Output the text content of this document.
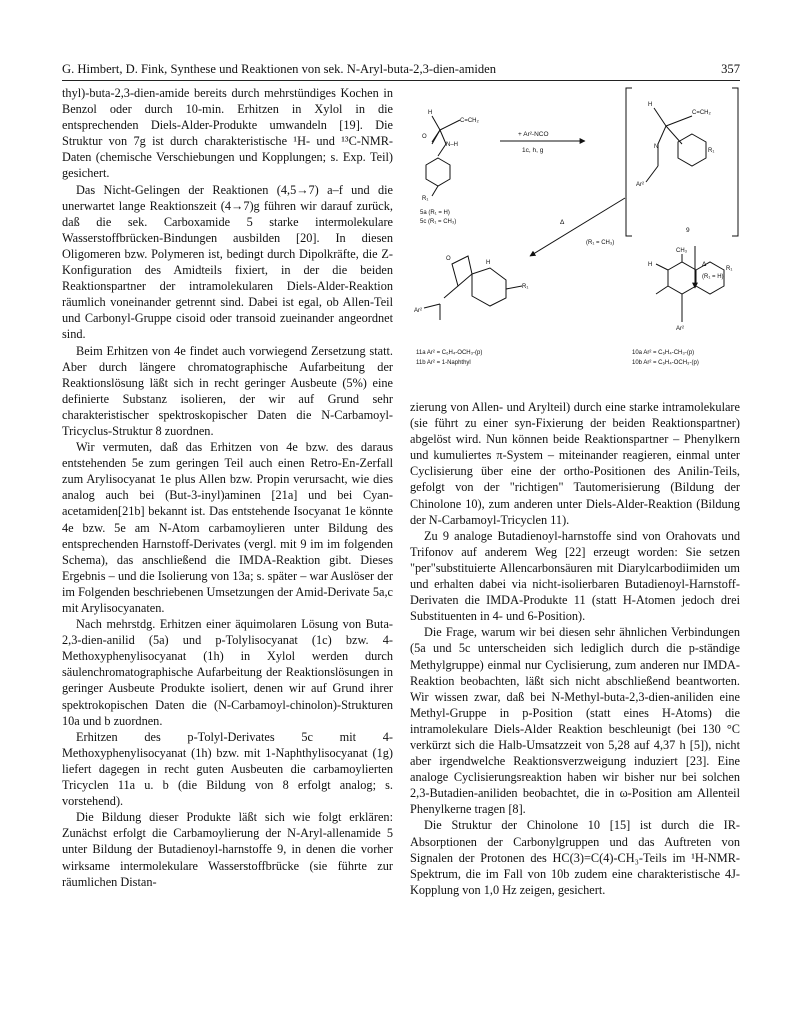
G. Himbert, D. Fink, Synthese und Reaktionen von sek. N-Aryl-buta-2,3-dien-amiden	357

thyl)-buta-2,3-dien-amide bereits durch mehrstündiges Kochen in Benzol oder durch 10-min. Erhitzen in Xylol in die entsprechenden Diels-Alder-Produkte umwandeln [19]. Die Struktur von 7g ist durch charakteristische ¹H- und ¹³C-NMR-Daten (chemische Verschiebungen und Kopplungen; s. Exp. Teil) gesichert.

Das Nicht-Gelingen der Reaktionen (4,5→7) a–f und die unerwartet lange Reaktionszeit (4→7)g führen wir darauf zurück, daß die sek. Carboxamide 5 starke intermolekulare Wasserstoffbrücken-Bindungen ausbilden [20]. In diesen Oligomeren bzw. Polymeren ist, bedingt durch Dipolkräfte, die Z-Konfiguration des Amidteils fixiert, in der die beiden Reaktionspartner der intramolekularen Diels-Alder-Reaktion räumlich voneinander getrennt sind. Dabei ist egal, ob Allen-Teil und Carbonyl-Gruppe cisoid oder transoid zueinander angeordnet sind.

Beim Erhitzen von 4e findet auch vorwiegend Zersetzung statt. Aber durch längere chromatographische Aufarbeitung der Reaktionslösung läßt sich in recht geringer Ausbeute (5%) eine definierte Substanz isolieren, der wir auf Grund sehr charakteristischer spektroskopischer Daten die N-Carbamoyl-Tricyclus-Struktur 8 zuordnen.

Wir vermuten, daß das Erhitzen von 4e bzw. des daraus entstehenden 5e zum geringen Teil auch einen Retro-En-Zerfall zum Arylisocyanat 1e plus Allen bzw. Propin verursacht, wie dies analog auch bei (But-3-inyl)aminen [21a] und bei Cyan-acetamiden[21b] bekannt ist. Das entstehende Isocyanat 1e könnte 4e bzw. 5e am N-Atom carbamoylieren unter Bildung des entsprechenden Harnstoff-Derivates (vergl. mit 9 im im folgenden Schema), das anschließend die IMDA-Reaktion gibt. Dieses Ergebnis – und die Isolierung von 13a; s. später – war Auslöser der im Folgenden beschriebenen Umsetzungen der Amid-Derivate 5a,c mit Arylisocyanaten.

Nach mehrstdg. Erhitzen einer äquimolaren Lösung von Buta-2,3-dien-anilid (5a) und p-Tolylisocyanat (1c) bzw. 4-Methoxyphenylisocyanat (1h) in Xylol werden durch säulenchromatographische Aufarbeitung der Reaktionslösungen in geringer Ausbeute Produkte isoliert, denen wir auf Grund ihrer spektrokopischen Daten die (N-Carbamoyl-chinolon)-Strukturen 10a und b zuordnen.

Erhitzen des p-Tolyl-Derivates 5c mit 4-Methoxyphenylisocyanat (1h) bzw. mit 1-Naphthylisocyanat (1g) liefert dagegen in recht guten Ausbeuten die carbamoylierten Tricyclen 11a u. b (die Bildung von 8 erfolgt analog; s. vorstehend).

Die Bildung dieser Produkte läßt sich wie folgt erklären: Zunächst erfolgt die Carbamoylierung der N-Aryl-allenamide 5 unter Bildung der Butadienoyl-harnstoffe 9, in denen die vorher wirksame intermolekulare Wasserstoffbrücke (sie führte zur räumlichen Distan-

H
C=CH₂
O
N–H
R₁
H
C=CH₂
R₁
N
Ar²
O
H
R₁
Ar²
CH₃
H
R₁
Ar²
+ Ar²-NCO
1c, h, g
5a (R₁ = H)
5c (R₁ = CH₃)
9
Δ
(R₁ = H)
Δ
(R₁ = CH₃)
11a Ar² = C₆H₄-OCH₃-(p)
11b Ar² = 1-Naphthyl
10a Ar² = C₆H₄-CH₃-(p)
10b Ar² = C₆H₄-OCH₃-(p)

zierung von Allen- und Arylteil) durch eine starke intramolekulare (sie führt zu einer syn-Fixierung der beiden Reaktionspartner) abgelöst wird. Nun können beide Reaktionspartner – Phenylkern und kumuliertes π-System – miteinander reagieren, einmal unter Cyclisierung über eine der ortho-Positionen des Anilin-Teils, gefolgt von der "richtigen" Tautomerisierung (Bildung der Chinolone 10), zum anderen unter Diels-Alder-Reaktion (Bildung der N-Carbamoyl-Tricyclen 11).

Zu 9 analoge Butadienoyl-harnstoffe sind von Orahovats und Trifonov auf anderem Weg [22] erzeugt worden: Sie setzen "per"substituierte Allencarbonsäuren mit Diarylcarbodiimiden um und erhalten dabei via nicht-isolierbaren Butadienoyl-Harnstoff-Derivaten die IMDA-Produkte 11 (statt H-Atomen jedoch drei Substituenten in 4- und 6-Position).

Die Frage, warum wir bei diesen sehr ähnlichen Verbindungen (5a und 5c unterscheiden sich lediglich durch die p-ständige Methylgruppe) einmal nur Cyclisierung, zum anderen nur IMDA-Reaktion beobachten, läßt sich nicht abschließend beantworten. Wir wissen zwar, daß bei N-Methyl-buta-2,3-dien-aniliden eine Methyl-Gruppe in p-Position (statt eines H-Atoms) die intramolekulare Diels-Alder Reaktion beschleunigt (bei 130 °C verkürzt sich die Halb-Umsatzzeit von 5,28 auf 4,37 h [5]), nicht aber irgendwelche Reaktionsverzweigung induziert [23]. Eine analoge Cyclisierungsreaktion haben wir bisher nur bei solchen 2,3-Butadien-aniliden beobachtet, die in ω-Position am Allenteil Phenylkerne tragen [8].

Die Struktur der Chinolone 10 [15] ist durch die IR-Absorptionen der Carbonylgruppen und das Auftreten von Signalen der Protonen des HC(3)=C(4)-CH₃-Teils im ¹H-NMR-Spektrum, die im Fall von 10b zudem eine charakteristische 4J-Kopplung von 1,0 Hz zeigen, gesichert.
